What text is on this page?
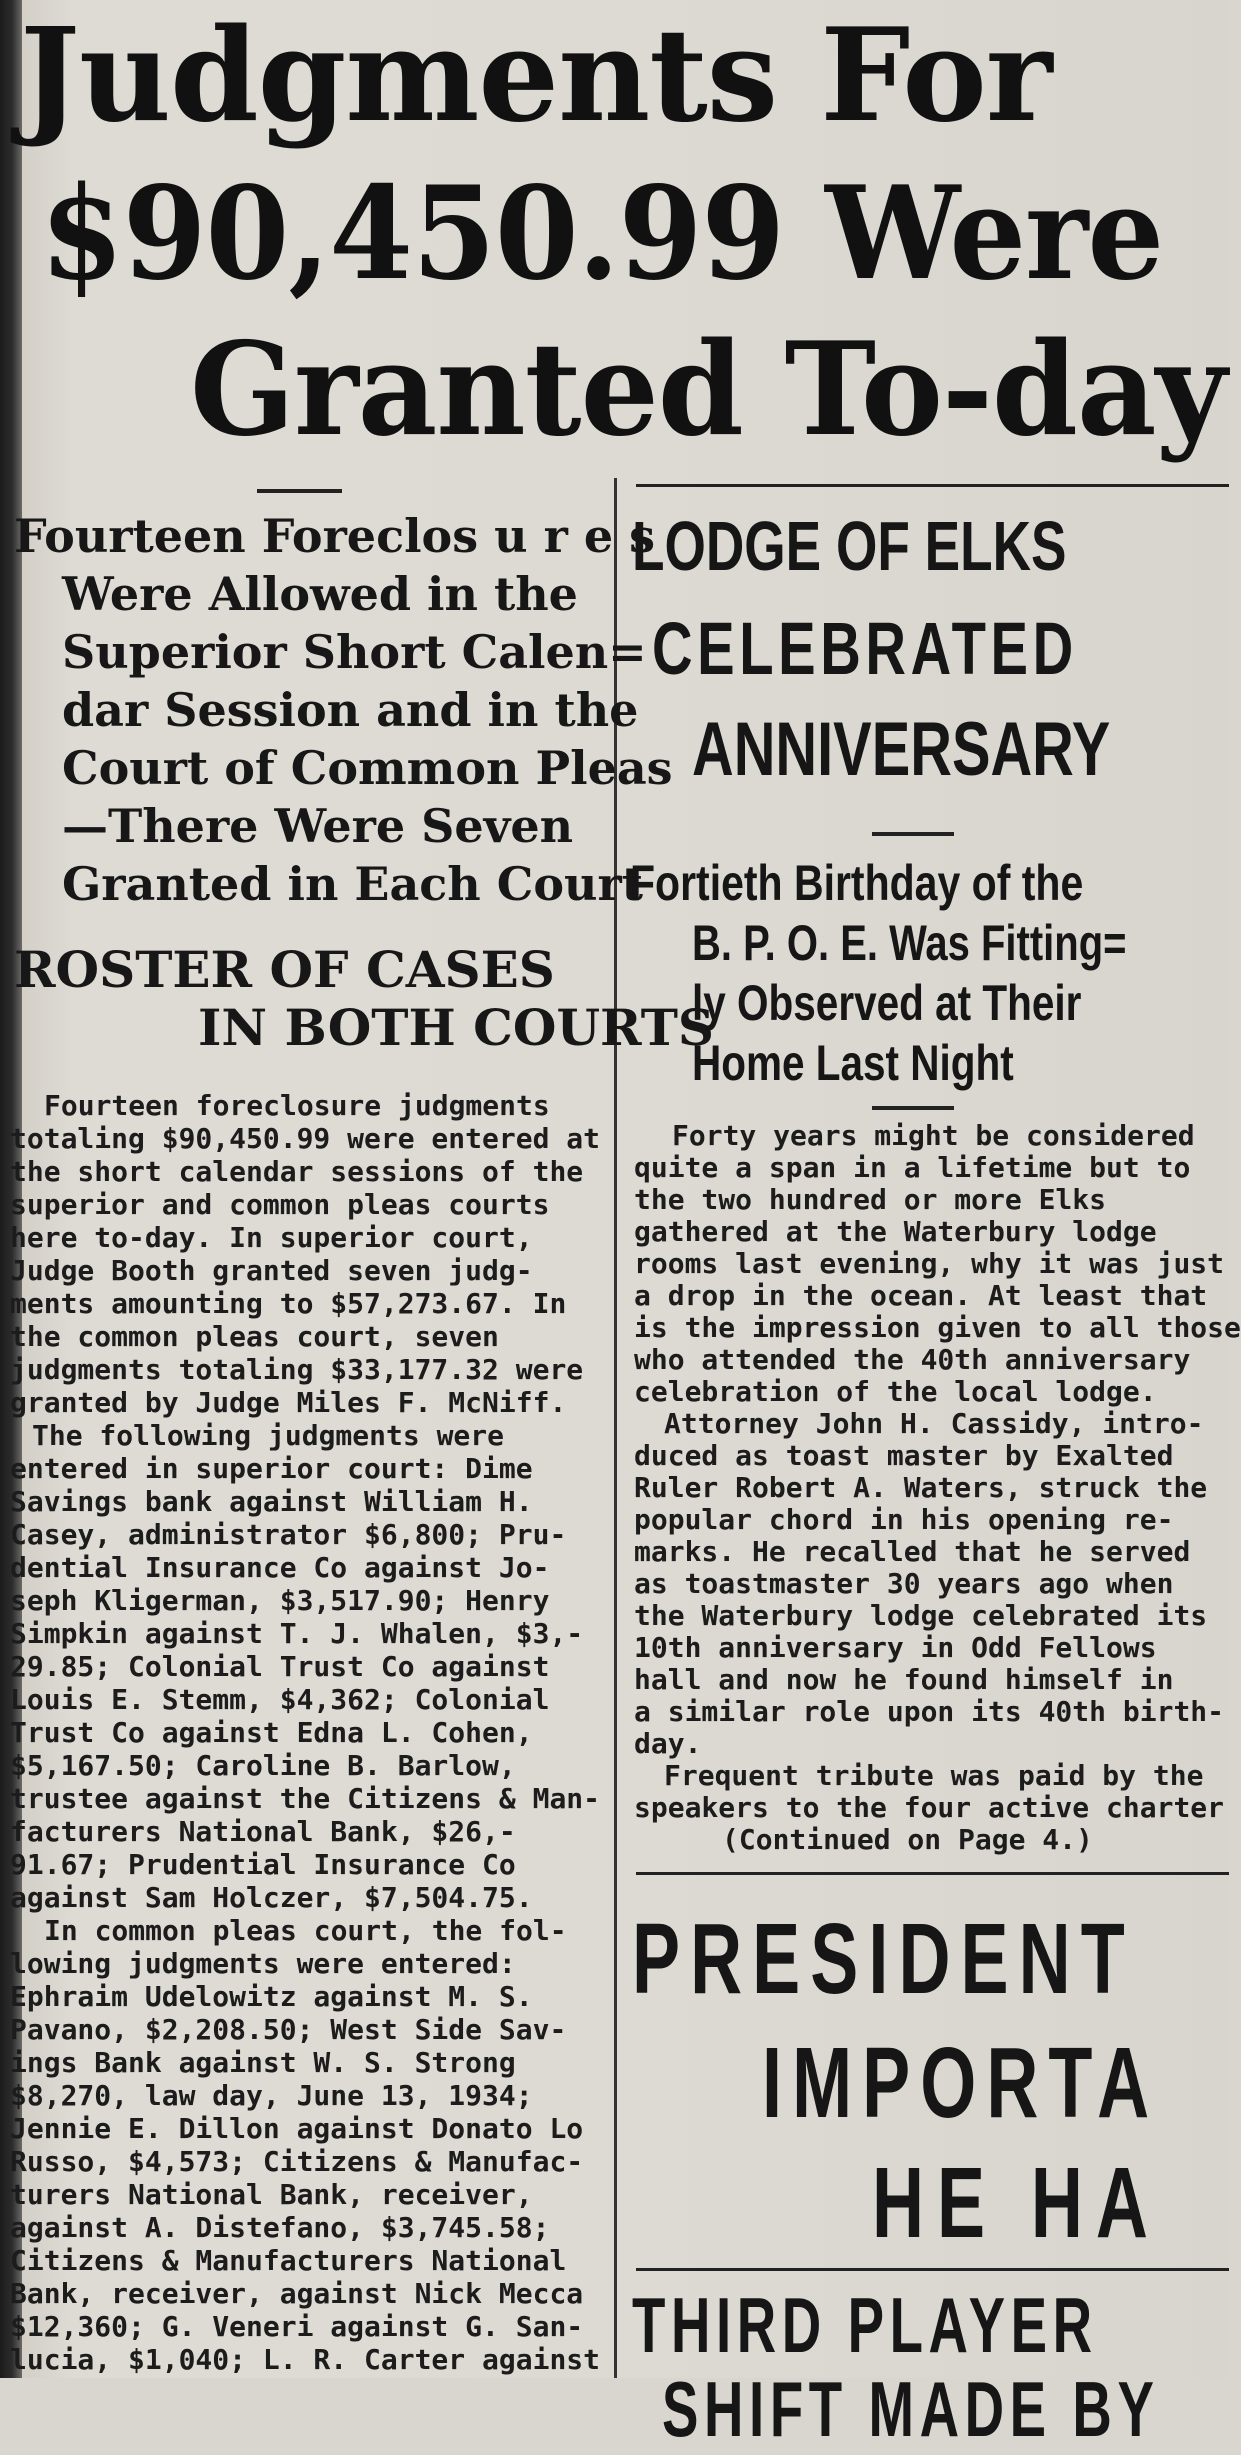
Judgments For
$90,450.99 Were
Granted To-day
Fourteen Foreclos u r e s
Were Allowed in the
Superior Short Calen=
dar Session and in the
Court of Common Pleas
—There Were Seven
Granted in Each Court
ROSTER OF CASES
IN BOTH COURTS
Fourteen foreclosure judgments
totaling $90,450.99 were entered at
the short calendar sessions of the
superior and common pleas courts
here to-day. In superior court,
Judge Booth granted seven judg-
ments amounting to $57,273.67. In
the common pleas court, seven
judgments totaling $33,177.32 were
granted by Judge Miles F. McNiff.
The following judgments were
entered in superior court: Dime
Savings bank against William H.
Casey, administrator $6,800; Pru-
dential Insurance Co against Jo-
seph Kligerman, $3,517.90; Henry
Simpkin against T. J. Whalen, $3,-
29.85; Colonial Trust Co against
Louis E. Stemm, $4,362; Colonial
Trust Co against Edna L. Cohen,
$5,167.50; Caroline B. Barlow,
trustee against the Citizens & Man-
facturers National Bank, $26,-
91.67; Prudential Insurance Co
against Sam Holczer, $7,504.75.
In common pleas court, the fol-
lowing judgments were entered:
Ephraim Udelowitz against M. S.
Pavano, $2,208.50; West Side Sav-
ings Bank against W. S. Strong
$8,270, law day, June 13, 1934;
Jennie E. Dillon against Donato Lo
Russo, $4,573; Citizens & Manufac-
turers National Bank, receiver,
against A. Distefano, $3,745.58;
Citizens & Manufacturers National
Bank, receiver, against Nick Mecca
$12,360; G. Veneri against G. San-
lucia, $1,040; L. R. Carter against
LODGE OF ELKS
CELEBRATED
ANNIVERSARY
Fortieth Birthday of the
B. P. O. E. Was Fitting=
ly Observed at Their
Home Last Night
Forty years might be considered
quite a span in a lifetime but to
the two hundred or more Elks
gathered at the Waterbury lodge
rooms last evening, why it was just
a drop in the ocean. At least that
is the impression given to all those
who attended the 40th anniversary
celebration of the local lodge.
Attorney John H. Cassidy, intro-
duced as toast master by Exalted
Ruler Robert A. Waters, struck the
popular chord in his opening re-
marks. He recalled that he served
as toastmaster 30 years ago when
the Waterbury lodge celebrated its
10th anniversary in Odd Fellows
hall and now he found himself in
a similar role upon its 40th birth-
day.
Frequent tribute was paid by the
speakers to the four active charter
(Continued on Page 4.)
PRESIDENT
IMPORTA
HE HA
THIRD PLAYER
SHIFT MADE BY
